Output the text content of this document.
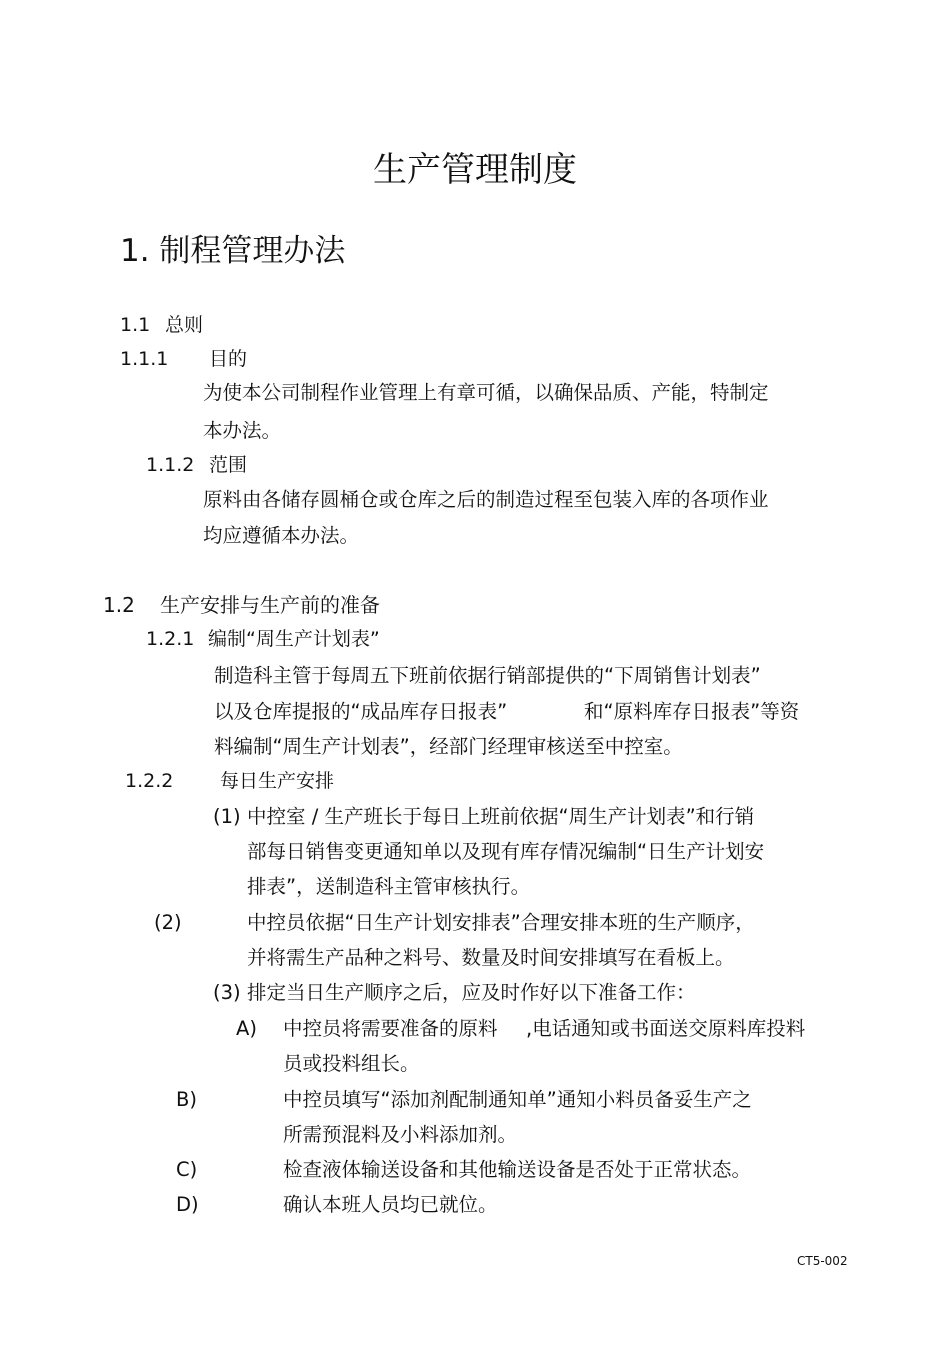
生产管理制度
1. 制程管理办法
1.1 总则
1.1.1 目的
为使本公司制程作业管理上有章可循，以确保品质、产能，特制定
本办法。
1.1.2 范围
原料由各储存圆桶仓或仓库之后的制造过程至包装入库的各项作业
均应遵循本办法。
1.2 生产安排与生产前的准备
1.2.1 编制“周生产计划表”
制造科主管于每周五下班前依据行销部提供的“下周销售计划表”
以及仓库提报的“成品库存日报表”	和“原料库存日报表”等资
料编制“周生产计划表”，经部门经理审核送至中控室。
1.2.2 每日生产安排
(1) 中控室 / 生产班长于每日上班前依据“周生产计划表”和行销
部每日销售变更通知单以及现有库存情况编制“日生产计划安
排表”，送制造科主管审核执行。
(2)	中控员依据“日生产计划安排表”合理安排本班的生产顺序，
并将需生产品种之料号、数量及时间安排填写在看板上。
(3) 排定当日生产顺序之后，应及时作好以下准备工作：
A) 中控员将需要准备的原料 ,电话通知或书面送交原料库投料
员或投料组长。
B)	中控员填写“添加剂配制通知单”通知小料员备妥生产之
所需预混料及小料添加剂。
C)	检查液体输送设备和其他输送设备是否处于正常状态。
D)	确认本班人员均已就位。
CT5-002
